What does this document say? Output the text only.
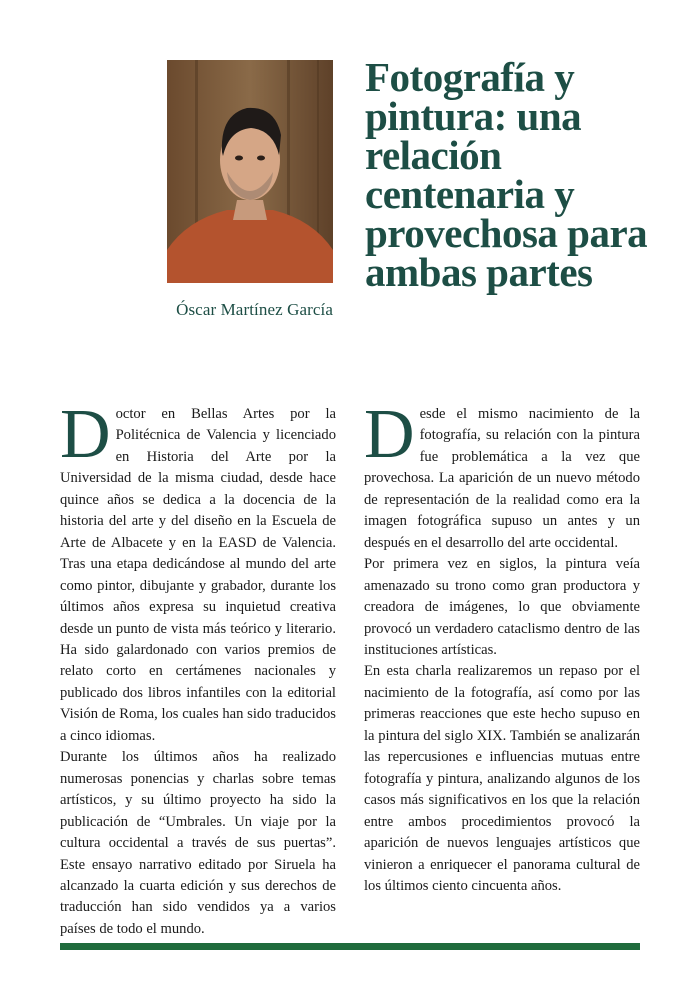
Óscar Martínez García
Fotografía y pintura: una relación centenaria y provechosa para ambas partes

Doctor en Bellas Artes por la Politécnica de Valencia y licenciado en Historia del Arte por la Universidad de la misma ciudad, desde hace quince años se dedica a la docencia de la historia del arte y del diseño en la Escuela de Arte de Albacete y en la EASD de Valencia. Tras una etapa dedicándose al mundo del arte como pintor, dibujante y grabador, durante los últimos años expresa su inquietud creativa desde un punto de vista más teórico y literario. Ha sido galardonado con varios premios de relato corto en certámenes nacionales y publicado dos libros infantiles con la editorial Visión de Roma, los cuales han sido traducidos a cinco idiomas.

Durante los últimos años ha realizado numerosas ponencias y charlas sobre temas artísticos, y su último proyecto ha sido la publicación de “Umbrales. Un viaje por la cultura occidental a través de sus puertas”. Este ensayo narrativo editado por Siruela ha alcanzado la cuarta edición y sus derechos de traducción han sido vendidos ya a varios países de todo el mundo.

Desde el mismo nacimiento de la fotografía, su relación con la pintura fue problemática a la vez que provechosa. La aparición de un nuevo método de representación de la realidad como era la imagen fotográfica supuso un antes y un después en el desarrollo del arte occidental.

Por primera vez en siglos, la pintura veía amenazado su trono como gran productora y creadora de imágenes, lo que obviamente provocó un verdadero cataclismo dentro de las instituciones artísticas.

En esta charla realizaremos un repaso por el nacimiento de la fotografía, así como por las primeras reacciones que este hecho supuso en la pintura del siglo XIX. También se analizarán las repercusiones e influencias mutuas entre fotografía y pintura, analizando algunos de los casos más significativos en los que la relación entre ambos procedimientos provocó la aparición de nuevos lenguajes artísticos que vinieron a enriquecer el panorama cultural de los últimos ciento cincuenta años.
